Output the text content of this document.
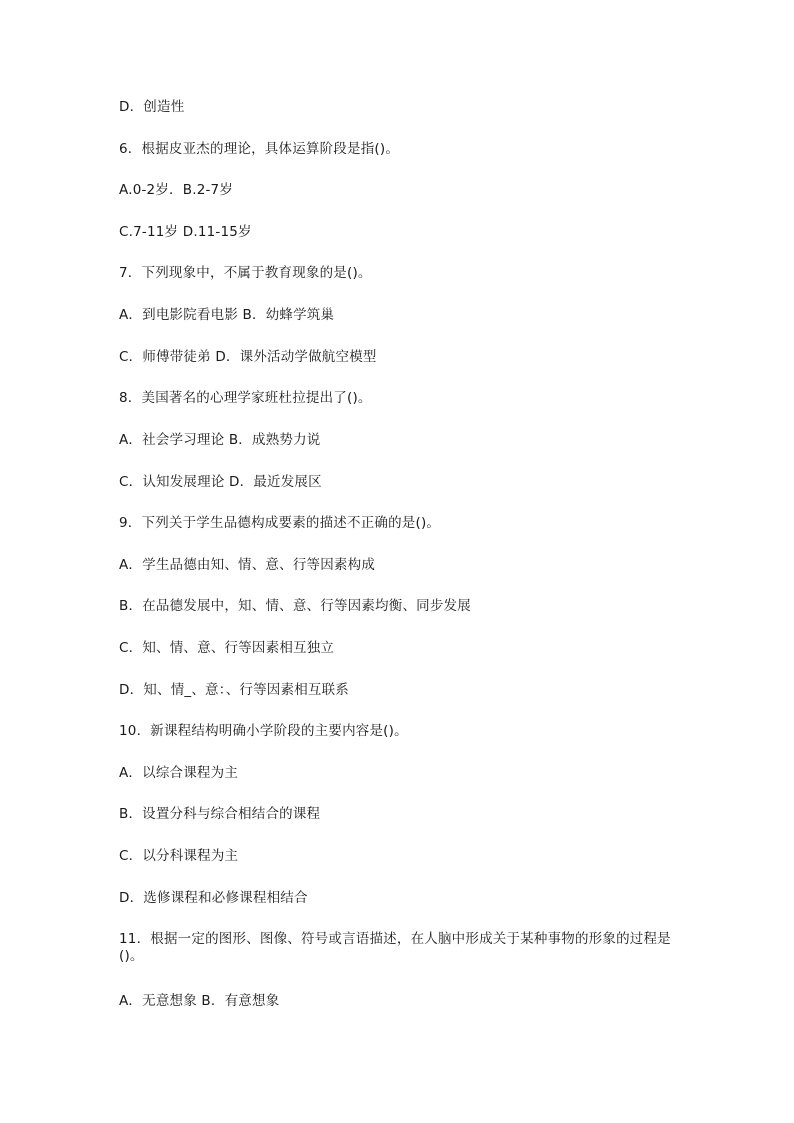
D．创造性
6．根据皮亚杰的理论，具体运算阶段是指()。
A.0-2岁．B.2-7岁
C.7-11岁 D.11-15岁
7．下列现象中，不属于教育现象的是()。
A．到电影院看电影 B．幼蜂学筑巢
C．师傅带徒弟 D．课外活动学做航空模型
8．美国著名的心理学家班杜拉提出了()。
A．社会学习理论 B．成熟势力说
C．认知发展理论 D．最近发展区
9．下列关于学生品德构成要素的描述不正确的是()。
A．学生品德由知、情、意、行等因素构成
B．在品德发展中，知、情、意、行等因素均衡、同步发展
C．知、情、意、行等因素相互独立
D．知、情_、意：、行等因素相互联系
10．新课程结构明确小学阶段的主要内容是()。
A．以综合课程为主
B．设置分科与综合相结合的课程
C．以分科课程为主
D．选修课程和必修课程相结合
11．根据一定的图形、图像、符号或言语描述，在人脑中形成关于某种事物的形象的过程是()。
A．无意想象 B．有意想象
